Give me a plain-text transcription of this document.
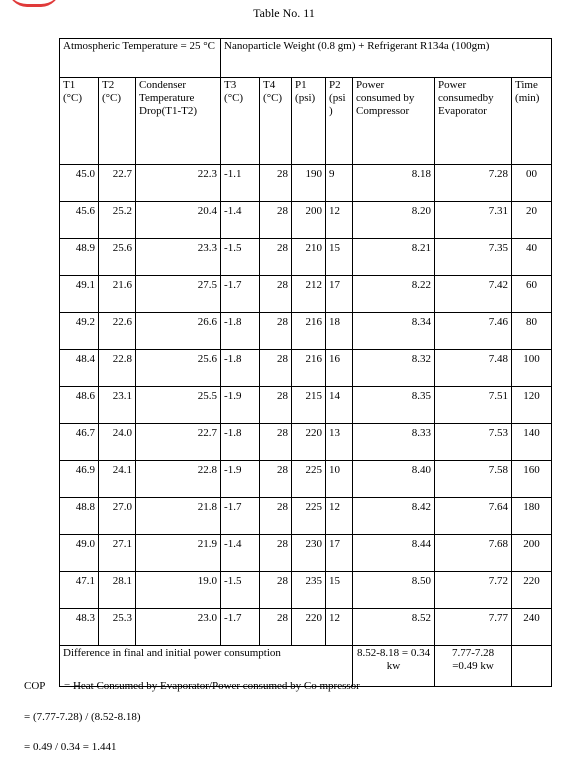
Table No. 11
Atmospheric Temperature = 25 °C			Nanoparticle Weight (0.8 gm) + Refrigerant R134a (100gm)						
T1 (°C)	T2 (°C)	Condenser Temperature Drop(T1-T2)	T3 (°C)	T4 (°C)	P1 (psi)	P2 (psi )	Power consumed by Compressor	Power consumedby Evaporator	Time (min)
45.0	22.7	22.3	-1.1	28	190	9	8.18	7.28	00
45.6	25.2	20.4	-1.4	28	200	12	8.20	7.31	20
48.9	25.6	23.3	-1.5	28	210	15	8.21	7.35	40
49.1	21.6	27.5	-1.7	28	212	17	8.22	7.42	60
49.2	22.6	26.6	-1.8	28	216	18	8.34	7.46	80
48.4	22.8	25.6	-1.8	28	216	16	8.32	7.48	100
48.6	23.1	25.5	-1.9	28	215	14	8.35	7.51	120
46.7	24.0	22.7	-1.8	28	220	13	8.33	7.53	140
46.9	24.1	22.8	-1.9	28	225	10	8.40	7.58	160
48.8	27.0	21.8	-1.7	28	225	12	8.42	7.64	180
49.0	27.1	21.9	-1.4	28	230	17	8.44	7.68	200
47.1	28.1	19.0	-1.5	28	235	15	8.50	7.72	220
48.3	25.3	23.0	-1.7	28	220	12	8.52	7.77	240
Difference in final and initial power consumption							8.52-8.18 = 0.34 kw	7.77-7.28 =0.49 kw	
COP = Heat Consumed by Evaporator/Power consumed by Co mpressor
= (7.77-7.28) / (8.52-8.18)
= 0.49 / 0.34 = 1.441
